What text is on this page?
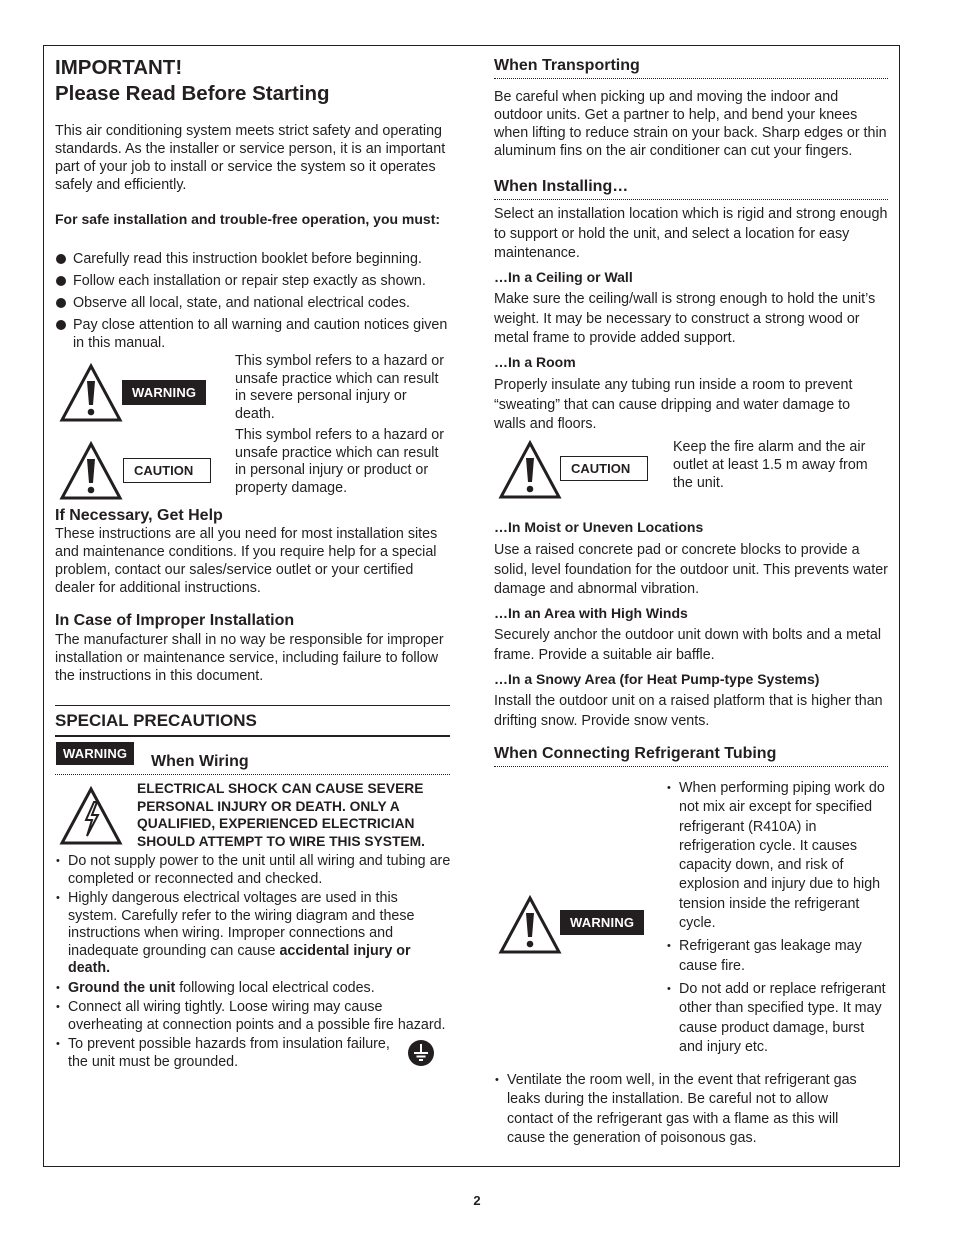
IMPORTANT!
Please Read Before Starting

This air conditioning system meets strict safety and operating standards. As the installer or service person, it is an important part of your job to install or service the system so it operates safely and efficiently.

For safe installation and trouble-free operation, you must:

Carefully read this instruction booklet before beginning.
Follow each installation or repair step exactly as shown.
Observe all local, state, and national electrical codes.
Pay close attention to all warning and caution notices given in this manual.
WARNING

This symbol refers to a hazard or unsafe practice which can result in severe personal injury or death.

CAUTION

This symbol refers to a hazard or unsafe practice which can result in personal injury or product or property damage.

If Necessary, Get Help

These instructions are all you need for most installation sites and maintenance conditions. If you require help for a special problem, contact our sales/service outlet or your certified dealer for additional instructions.

In Case of Improper Installation

The manufacturer shall in no way be responsible for improper installation or maintenance service, including failure to follow the instructions in this document.

SPECIAL PRECAUTIONS
WARNING	When Wiring

ELECTRICAL SHOCK CAN CAUSE SEVERE PERSONAL INJURY OR DEATH. ONLY A QUALIFIED, EXPERIENCED ELECTRICIAN SHOULD ATTEMPT TO WIRE THIS SYSTEM.

• Do not supply power to the unit until all wiring and tubing are completed or reconnected and checked.
• Highly dangerous electrical voltages are used in this system. Carefully refer to the wiring diagram and these instructions when wiring. Improper connections and inadequate grounding can cause accidental injury or death.
• Ground the unit following local electrical codes.
• Connect all wiring tightly. Loose wiring may cause overheating at connection points and a possible fire hazard.
• To prevent possible hazards from insulation failure, the unit must be grounded.
When Transporting

Be careful when picking up and moving the indoor and outdoor units. Get a partner to help, and bend your knees when lifting to reduce strain on your back. Sharp edges or thin aluminum fins on the air conditioner can cut your fingers.

When Installing…

Select an installation location which is rigid and strong enough to support or hold the unit, and select a location for easy maintenance.

…In a Ceiling or Wall

Make sure the ceiling/wall is strong enough to hold the unit’s weight. It may be necessary to construct a strong wood or metal frame to provide added support.

…In a Room

Properly insulate any tubing run inside a room to prevent “sweating” that can cause dripping and water damage to walls and floors.

CAUTION

Keep the fire alarm and the air outlet at least 1.5 m away from the unit.

…In Moist or Uneven Locations

Use a raised concrete pad or concrete blocks to provide a solid, level foundation for the outdoor unit. This prevents water damage and abnormal vibration.

…In an Area with High Winds

Securely anchor the outdoor unit down with bolts and a metal frame. Provide a suitable air baffle.

…In a Snowy Area (for Heat Pump-type Systems)

Install the outdoor unit on a raised platform that is higher than drifting snow. Provide snow vents.

When Connecting Refrigerant Tubing
WARNING
• When performing piping work do not mix air except for specified refrigerant (R410A) in refrigeration cycle. It causes capacity down, and risk of explosion and injury due to high tension inside the refrigerant cycle.
• Refrigerant gas leakage may cause fire.
• Do not add or replace refrigerant other than specified type. It may cause product damage, burst and injury etc.
• Ventilate the room well, in the event that refrigerant gas leaks during the installation. Be careful not to allow contact of the refrigerant gas with a flame as this will cause the generation of poisonous gas.
2
